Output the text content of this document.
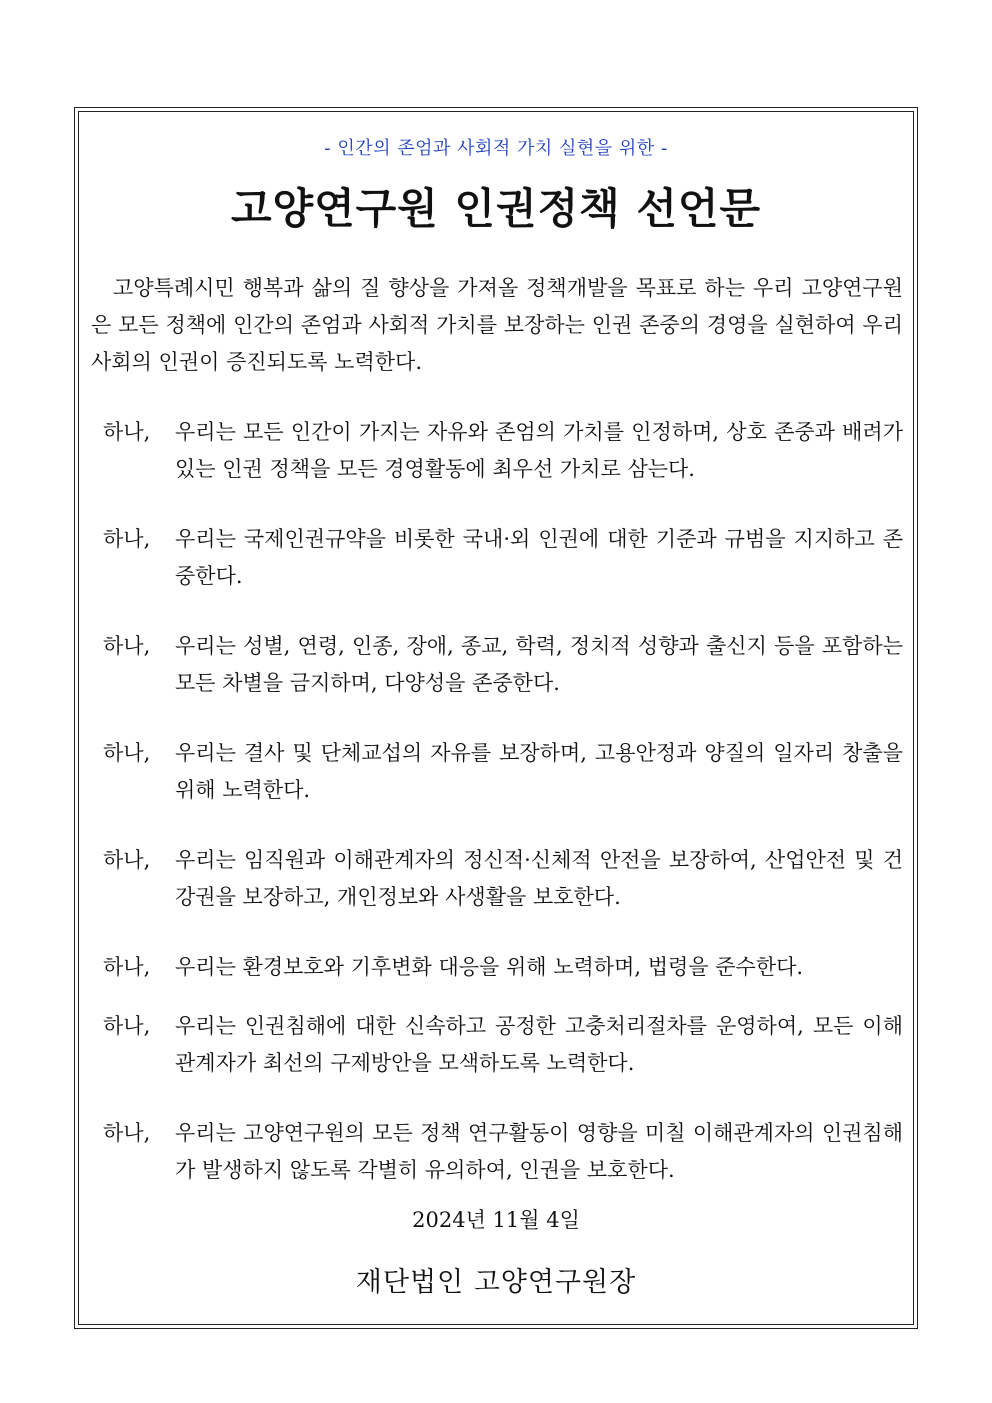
- 인간의 존엄과 사회적 가치 실현을 위한 -
고양연구원 인권정책 선언문
고양특례시민 행복과 삶의 질 향상을 가져올 정책개발을 목표로 하는 우리 고양연구원은 모든 정책에 인간의 존엄과 사회적 가치를 보장하는 인권 존중의 경영을 실현하여 우리 사회의 인권이 증진되도록 노력한다.
하나,	우리는 모든 인간이 가지는 자유와 존엄의 가치를 인정하며, 상호 존중과 배려가 있는 인권 정책을 모든 경영활동에 최우선 가치로 삼는다.
하나,	우리는 국제인권규약을 비롯한 국내·외 인권에 대한 기준과 규범을 지지하고 존중한다.
하나,	우리는 성별, 연령, 인종, 장애, 종교, 학력, 정치적 성향과 출신지 등을 포함하는 모든 차별을 금지하며, 다양성을 존중한다.
하나,	우리는 결사 및 단체교섭의 자유를 보장하며, 고용안정과 양질의 일자리 창출을 위해 노력한다.
하나,	우리는 임직원과 이해관계자의 정신적·신체적 안전을 보장하여, 산업안전 및 건강권을 보장하고, 개인정보와 사생활을 보호한다.
하나,	우리는 환경보호와 기후변화 대응을 위해 노력하며, 법령을 준수한다.
하나,	우리는 인권침해에 대한 신속하고 공정한 고충처리절차를 운영하여, 모든 이해관계자가 최선의 구제방안을 모색하도록 노력한다.
하나,	우리는 고양연구원의 모든 정책 연구활동이 영향을 미칠 이해관계자의 인권침해가 발생하지 않도록 각별히 유의하여, 인권을 보호한다.
2024년 11월 4일
재단법인 고양연구원장
